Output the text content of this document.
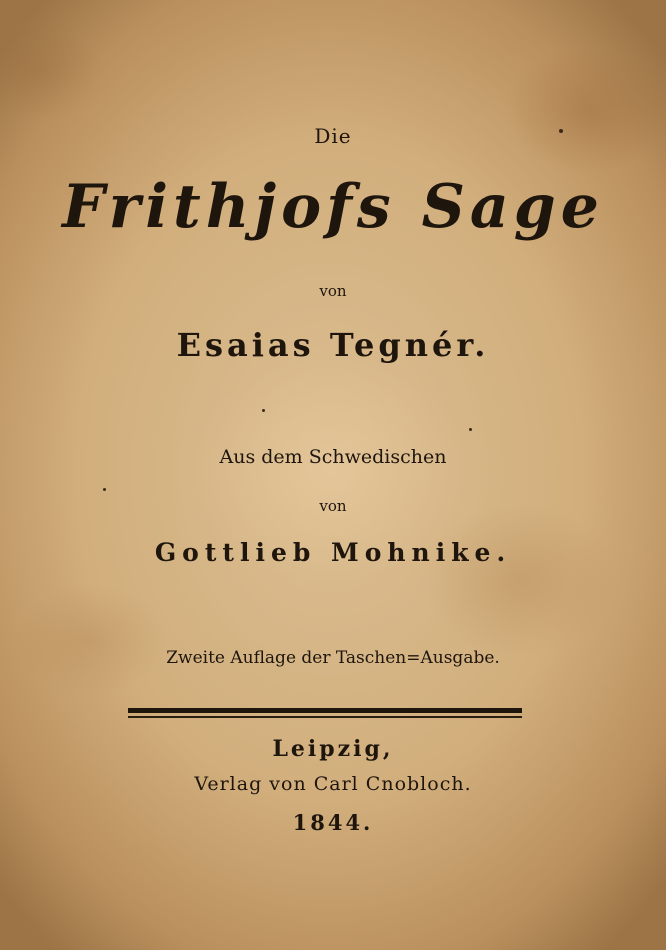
Die
Frithjofs Sage
von
Esaias Tegnér.
Aus dem Schwedischen
von
Gottlieb Mohnike.
Zweite Auflage der Taschen=Ausgabe.
Leipzig,
Verlag von Carl Cnobloch.
1844.
